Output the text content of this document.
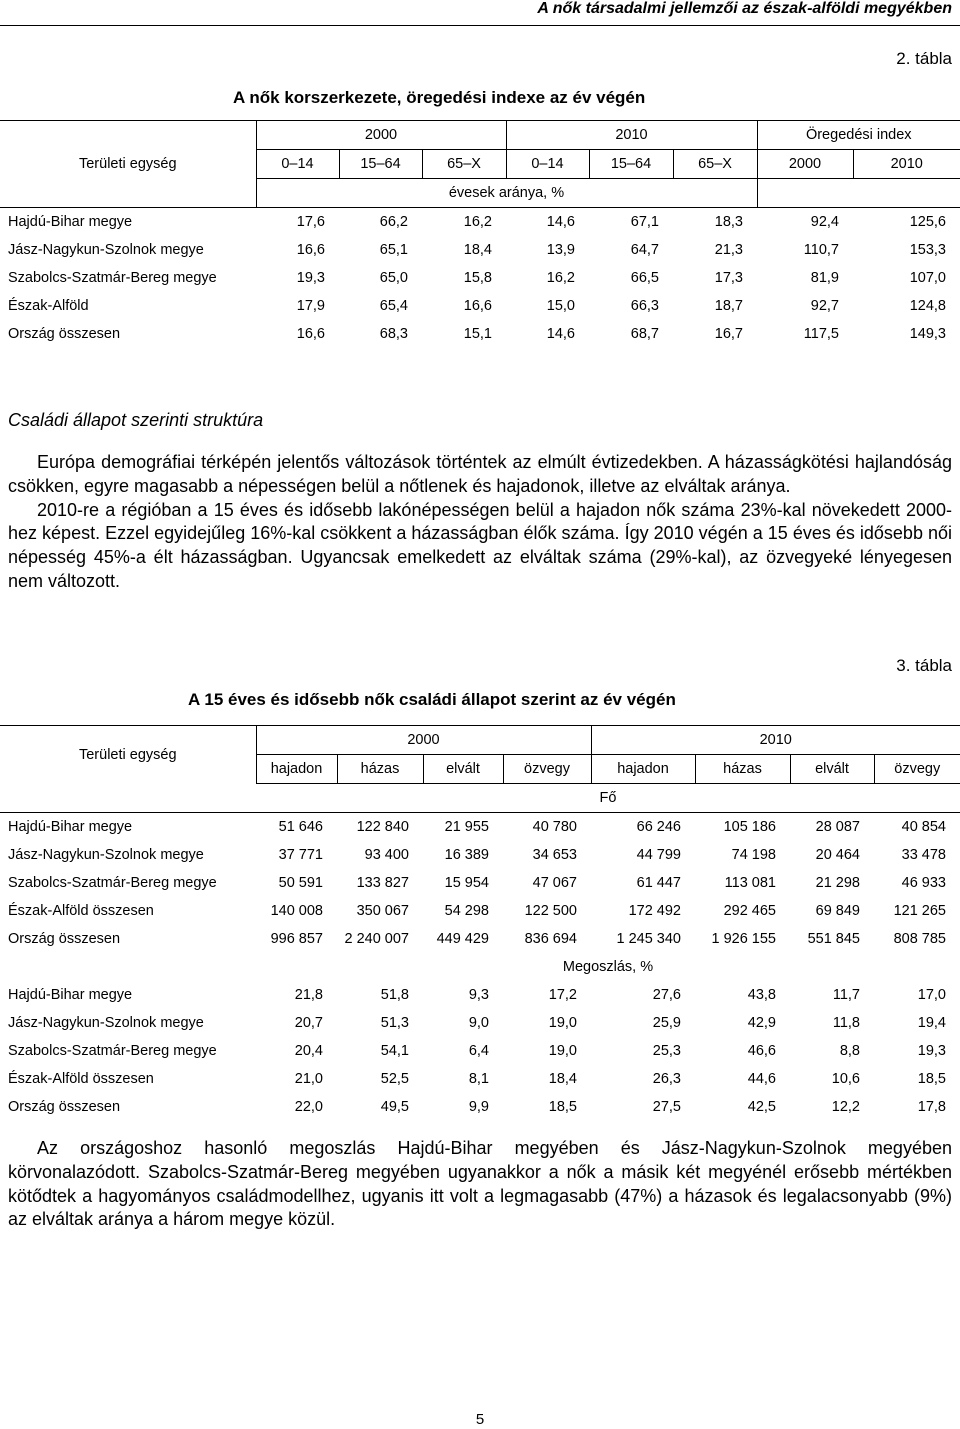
A nők társadalmi jellemzői az észak-alföldi megyékben
2. tábla
A nők korszerkezete, öregedési indexe az év végén
	2000			2010			Öregedési index	
Területi egység	0–14	15–64	65–X	0–14	15–64	65–X	2000	2010
	évesek aránya, %							
Hajdú-Bihar megye	17,6	66,2	16,2	14,6	67,1	18,3	92,4	125,6
Jász-Nagykun-Szolnok megye	16,6	65,1	18,4	13,9	64,7	21,3	110,7	153,3
Szabolcs-Szatmár-Bereg megye	19,3	65,0	15,8	16,2	66,5	17,3	81,9	107,0
Észak-Alföld	17,9	65,4	16,6	15,0	66,3	18,7	92,7	124,8
Ország összesen	16,6	68,3	15,1	14,6	68,7	16,7	117,5	149,3
Családi állapot szerinti struktúra

Európa demográfiai térképén jelentős változások történtek az elmúlt évtizedekben. A házasságkötési hajlandóság csökken, egyre magasabb a népességen belül a nőtlenek és hajadonok, illetve az elváltak aránya.

2010-re a régióban a 15 éves és idősebb lakónépességen belül a hajadon nők száma 23%-kal növekedett 2000-hez képest. Ezzel egyidejűleg 16%-kal csökkent a házasságban élők száma. Így 2010 végén a 15 éves és idősebb női népesség 45%-a élt házasságban. Ugyancsak emelkedett az elváltak száma (29%-kal), az özvegyeké lényegesen nem változott.

3. tábla
A 15 éves és idősebb nők családi állapot szerint az év végén
Területi egység	2000				2010			
	hajadon	házas	elvált	özvegy	hajadon	házas	elvált	özvegy
	Fő							
Hajdú-Bihar megye	51 646	122 840	21 955	40 780	66 246	105 186	28 087	40 854
Jász-Nagykun-Szolnok megye	37 771	93 400	16 389	34 653	44 799	74 198	20 464	33 478
Szabolcs-Szatmár-Bereg megye	50 591	133 827	15 954	47 067	61 447	113 081	21 298	46 933
Észak-Alföld összesen	140 008	350 067	54 298	122 500	172 492	292 465	69 849	121 265
Ország összesen	996 857	2 240 007	449 429	836 694	1 245 340	1 926 155	551 845	808 785
	Megoszlás, %							
Hajdú-Bihar megye	21,8	51,8	9,3	17,2	27,6	43,8	11,7	17,0
Jász-Nagykun-Szolnok megye	20,7	51,3	9,0	19,0	25,9	42,9	11,8	19,4
Szabolcs-Szatmár-Bereg megye	20,4	54,1	6,4	19,0	25,3	46,6	8,8	19,3
Észak-Alföld összesen	21,0	52,5	8,1	18,4	26,3	44,6	10,6	18,5
Ország összesen	22,0	49,5	9,9	18,5	27,5	42,5	12,2	17,8

Az országoshoz hasonló megoszlás Hajdú-Bihar megyében és Jász-Nagykun-Szolnok megyében körvonalazódott. Szabolcs-Szatmár-Bereg megyében ugyanakkor a nők a másik két megyénél erősebb mértékben kötődtek a hagyományos családmodellhez, ugyanis itt volt a legmagasabb (47%) a házasok és legalacsonyabb (9%) az elváltak aránya a három megye közül.

5
